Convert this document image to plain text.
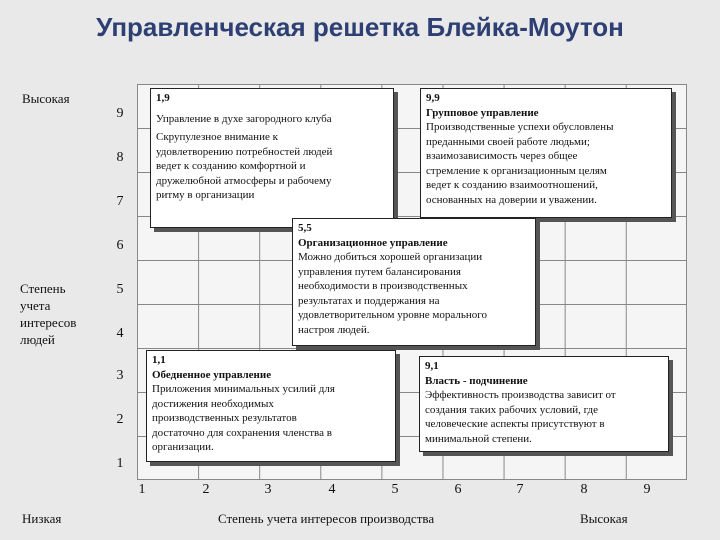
Управленческая решетка Блейка-Моутон
Высокая
Степень
учета
интересов
людей
9
8
7
6
5
4
3
2
1
1	2	3	4	5	6	7	8	9
Низкая	Степень учета интересов производства	Высокая
1,9
Управление в духе загородного клуба
Скрупулезное внимание к
удовлетворению потребностей людей
ведет к созданию комфортной и
дружелюбной атмосферы и рабочему
ритму в организации
9,9
Групповое управление
Производственные успехи обусловлены
преданными своей работе людьми;
взаимозависимость через общее
стремление к организационным целям
ведет к созданию взаимоотношений,
основанных на доверии и уважении.
5,5
Организационное управление
Можно добиться хорошей организации
управления путем балансирования
необходимости в производственных
результатах и поддержания на
удовлетворительном уровне морального
настроя людей.
1,1
Обедненное управление
Приложения минимальных усилий для
достижения необходимых
производственных результатов
достаточно для сохранения членства в
организации.
9,1
Власть - подчинение
Эффективность производства зависит от
создания таких рабочих условий, где
человеческие аспекты присутствуют в
минимальной степени.
